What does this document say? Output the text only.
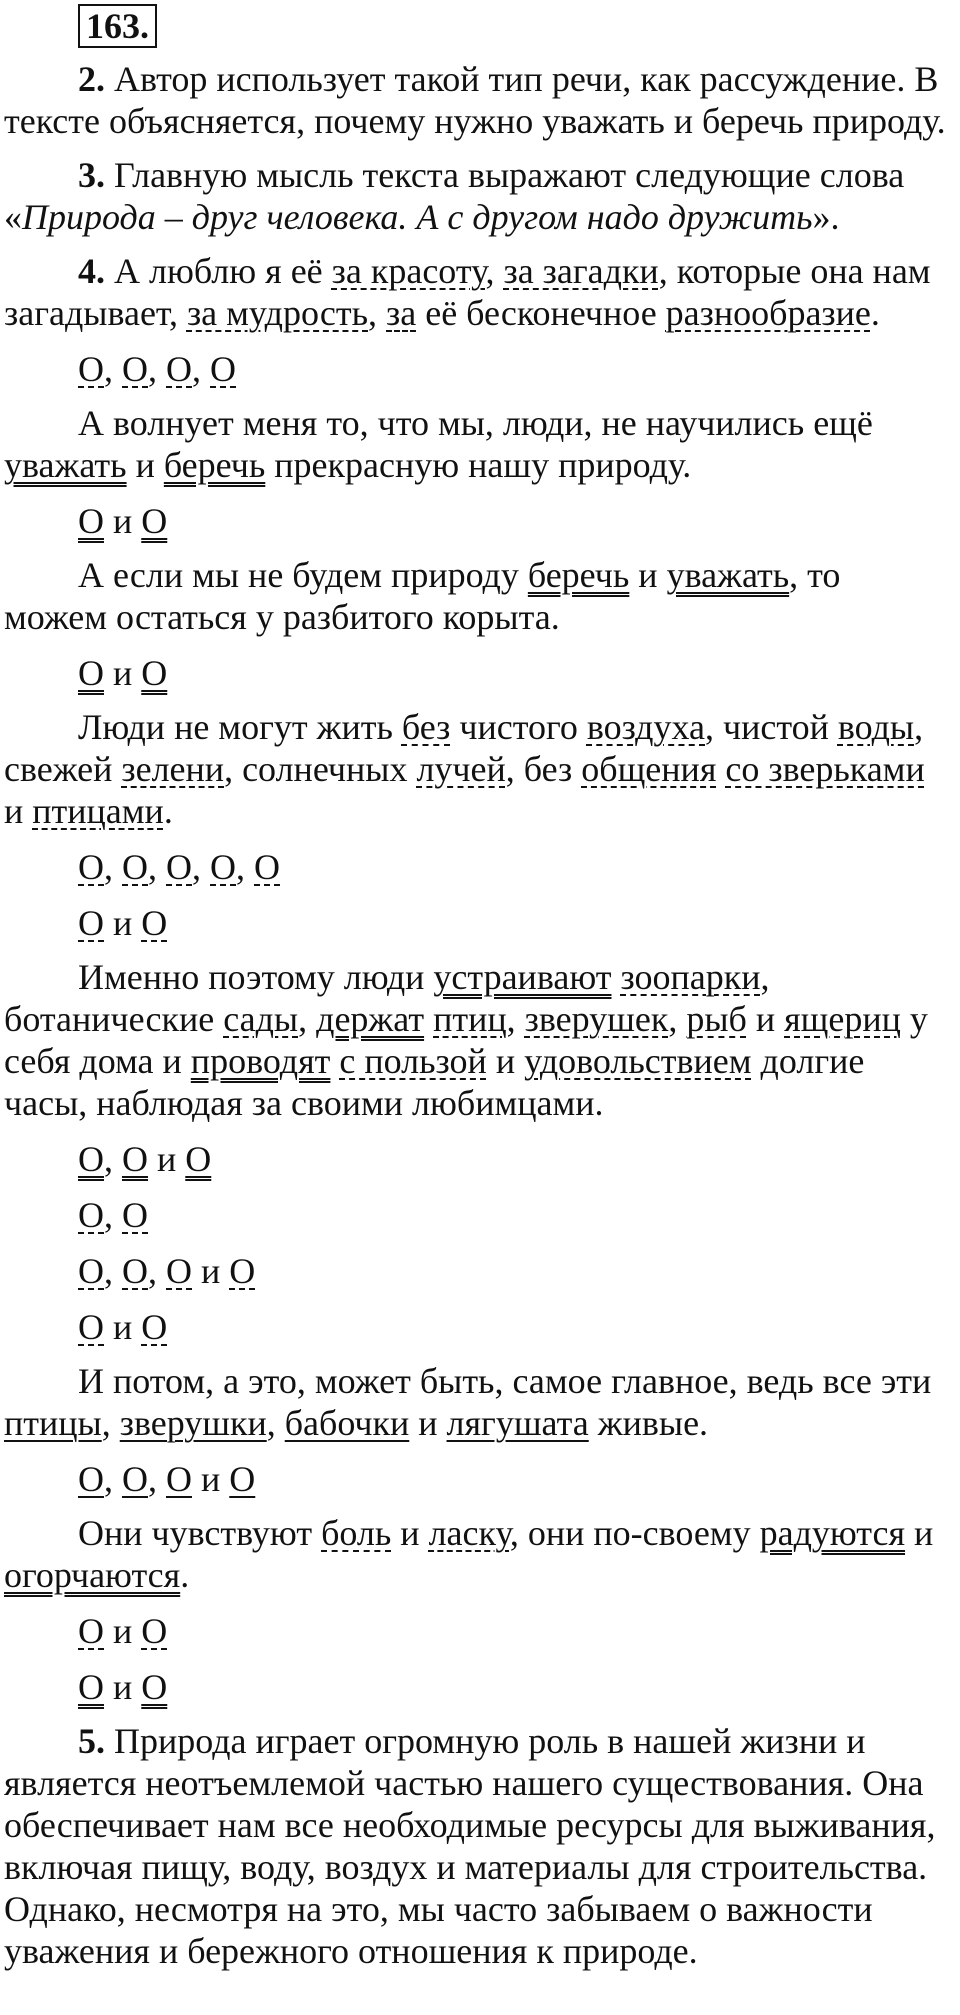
163.

2. Автор использует такой тип речи, как рассуждение. В тексте объясняется, почему нужно уважать и беречь природу.

3. Главную мысль текста выражают следующие слова «Природа – друг человека. А с другом надо дружить».

4. А люблю я её за красоту, за загадки, которые она нам загадывает, за мудрость, за её бесконечное разнообразие.

О, О, О, О

А волнует меня то, что мы, люди, не научились ещё уважать и беречь прекрасную нашу природу.

О и О

А если мы не будем природу беречь и уважать, то можем остаться у разбитого корыта.

О и О

Люди не могут жить без чистого воздуха, чистой воды, свежей зелени, солнечных лучей, без общения со зверьками и птицами.

О, О, О, О, О

О и О

Именно поэтому люди устраивают зоопарки, ботанические сады, держат птиц, зверушек, рыб и ящериц у себя дома и проводят с пользой и удовольствием долгие часы, наблюдая за своими любимцами.

О, О и О

О, О

О, О, О и О

О и О

И потом, а это, может быть, самое главное, ведь все эти птицы, зверушки, бабочки и лягушата живые.

О, О, О и О

Они чувствуют боль и ласку, они по-своему радуются и огорчаются.

О и О

О и О

5. Природа играет огромную роль в нашей жизни и является неотъемлемой частью нашего существования. Она обеспечивает нам все необходимые ресурсы для выживания, включая пищу, воду, воздух и материалы для строительства. Однако, несмотря на это, мы часто забываем о важности уважения и бережного отношения к природе.
